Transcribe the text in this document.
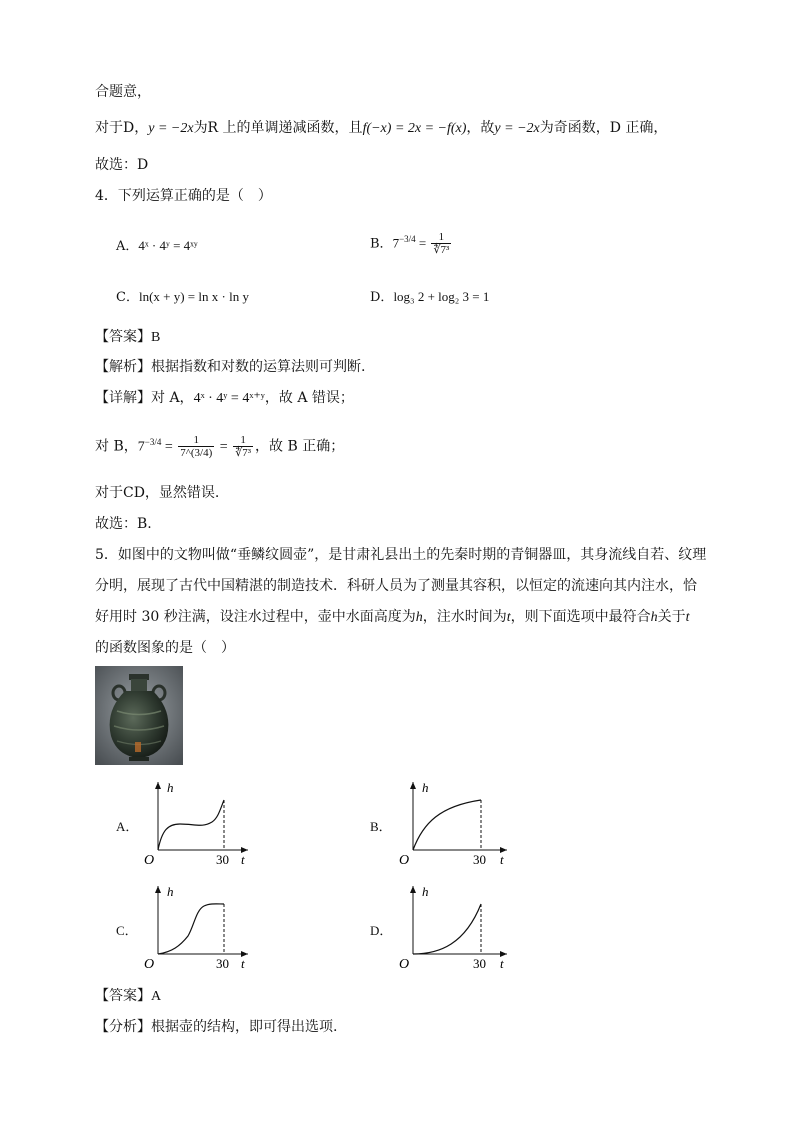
合题意，
对于D，y = −2x为R 上的单调递减函数，且f(−x) = 2x = −f(x)，故y = −2x为奇函数，D 正确，
故选：D
4．下列运算正确的是（　）
A．4ˣ · 4ʸ = 4ˣʸ	B．$7^{-3/4} = \frac{1}{\text{∜7³}}$
C．ln(x + y) = ln x · ln y	D．log₃ 2 + log₂ 3 = 1
【答案】B
【解析】根据指数和对数的运算法则可判断.
【详解】对 A，4ˣ · 4ʸ = 4ˣ⁺ʸ，故 A 错误；
对 B，$7^{-3/4} = \frac{1}{7\^{}(3/4)} = \frac{1}{\text{∜7³}}$ ，故 B 正确；
对于CD，显然错误.
故选：B.
5．如图中的文物叫做“垂鳞纹圆壶”，是甘肃礼县出土的先秦时期的青铜器皿，其身流线自若、纹理
分明，展现了古代中国精湛的制造技术．科研人员为了测量其容积，以恒定的流速向其内注水，恰
好用时 30 秒注满，设注水过程中，壶中水面高度为h，注水时间为t，则下面选项中最符合h关于t
的函数图象的是（　）
A．
h
t
O	30
B．
h
t
O	30
C．
h
t
O	30
D．
h
t
O	30
【答案】A
【分析】根据壶的结构，即可得出选项.
